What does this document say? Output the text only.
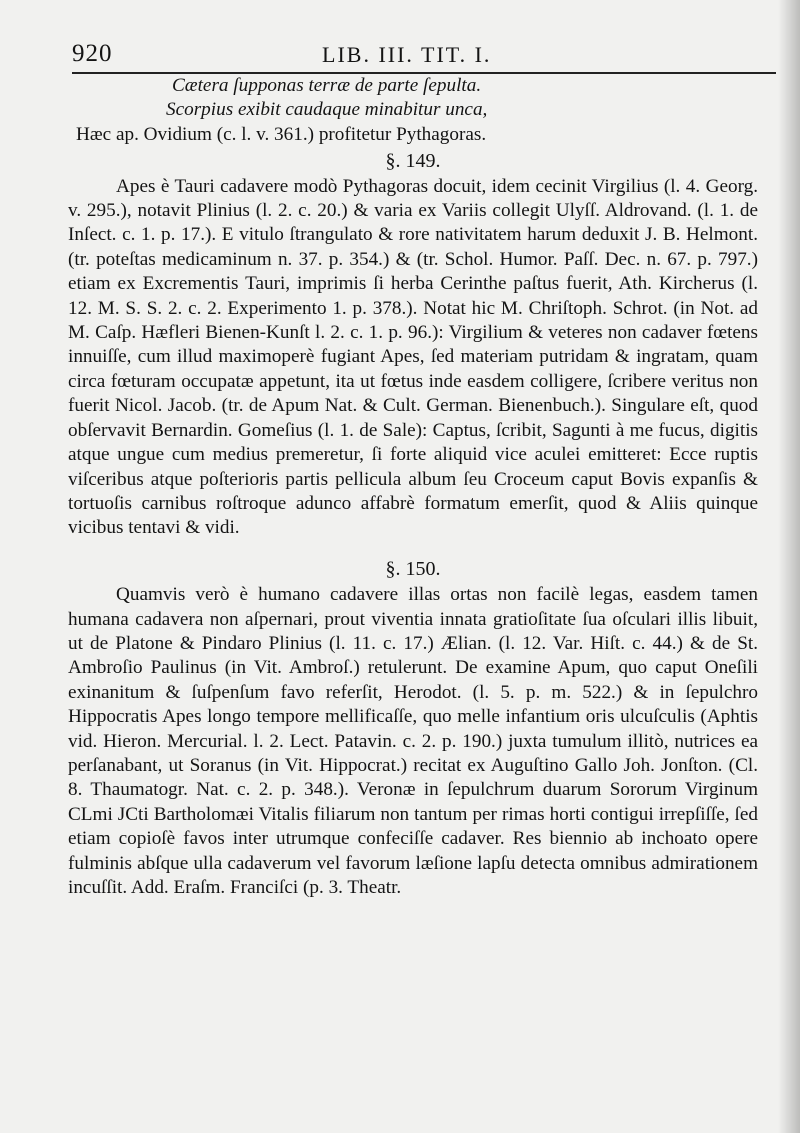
920	LIB. III. TIT. I.

Cætera ſupponas terræ de parte ſepulta.

Scorpius exibit caudaque minabitur unca,

Hæc ap. Ovidium (c. l. v. 361.) profitetur Pythagoras.

§. 149.

Apes è Tauri cadavere modò Pythagoras docuit, idem cecinit Virgilius (l. 4. Georg. v. 295.), notavit Plinius (l. 2. c. 20.) & varia ex Variis collegit Ulyſſ. Aldrovand. (l. 1. de Inſect. c. 1. p. 17.). E vitulo ſtrangulato & rore nativitatem harum deduxit J. B. Helmont. (tr. poteſtas medicaminum n. 37. p. 354.) & (tr. Schol. Humor. Paſſ. Dec. n. 67. p. 797.) etiam ex Excrementis Tauri, imprimis ſi herba Cerinthe paſtus fuerit, Ath. Kircherus (l. 12. M. S. S. 2. c. 2. Experimento 1. p. 378.). Notat hic M. Chriſtoph. Schrot. (in Not. ad M. Caſp. Hæfleri Bienen-Kunſt l. 2. c. 1. p. 96.): Virgilium & veteres non cadaver fœtens innuiſſe, cum illud maximoperè fugiant Apes, ſed materiam putridam & ingratam, quam circa fœturam occupatæ appetunt, ita ut fœtus inde easdem colligere, ſcribere veritus non fuerit Nicol. Jacob. (tr. de Apum Nat. & Cult. German. Bienenbuch.). Singulare eſt, quod obſervavit Bernardin. Gomeſius (l. 1. de Sale): Captus, ſcribit, Sagunti à me fucus, digitis atque ungue cum medius premeretur, ſi forte aliquid vice aculei emitteret: Ecce ruptis viſceribus atque poſterioris partis pellicula album ſeu Croceum caput Bovis expanſis & tortuoſis carnibus roſtroque adunco affabrè formatum emerſit, quod & Aliis quinque vicibus tentavi & vidi.

§. 150.

Quamvis verò è humano cadavere illas ortas non facilè legas, easdem tamen humana cadavera non aſpernari, prout viventia innata gratioſitate ſua oſculari illis libuit, ut de Platone & Pindaro Plinius (l. 11. c. 17.) Ælian. (l. 12. Var. Hiſt. c. 44.) & de St. Ambroſio Paulinus (in Vit. Ambroſ.) retulerunt. De examine Apum, quo caput Oneſili exinanitum & ſuſpenſum favo referſit, Herodot. (l. 5. p. m. 522.) & in ſepulchro Hippocratis Apes longo tempore mellificaſſe, quo melle infantium oris ulcuſculis (Aphtis vid. Hieron. Mercurial. l. 2. Lect. Patavin. c. 2. p. 190.) juxta tumulum illitò, nutrices ea perſanabant, ut Soranus (in Vit. Hippocrat.) recitat ex Auguſtino Gallo Joh. Jonſton. (Cl. 8. Thaumatogr. Nat. c. 2. p. 348.). Veronæ in ſepulchrum duarum Sororum Virginum CLmi JCti Bartholomæi Vitalis filiarum non tantum per rimas horti contigui irrepſiſſe, ſed etiam copioſè favos inter utrumque confeciſſe cadaver. Res biennio ab inchoato opere fulminis abſque ulla cadaverum vel favorum læſione lapſu detecta omnibus admirationem incuſſit. Add. Eraſm. Franciſci (p. 3. Theatr.
